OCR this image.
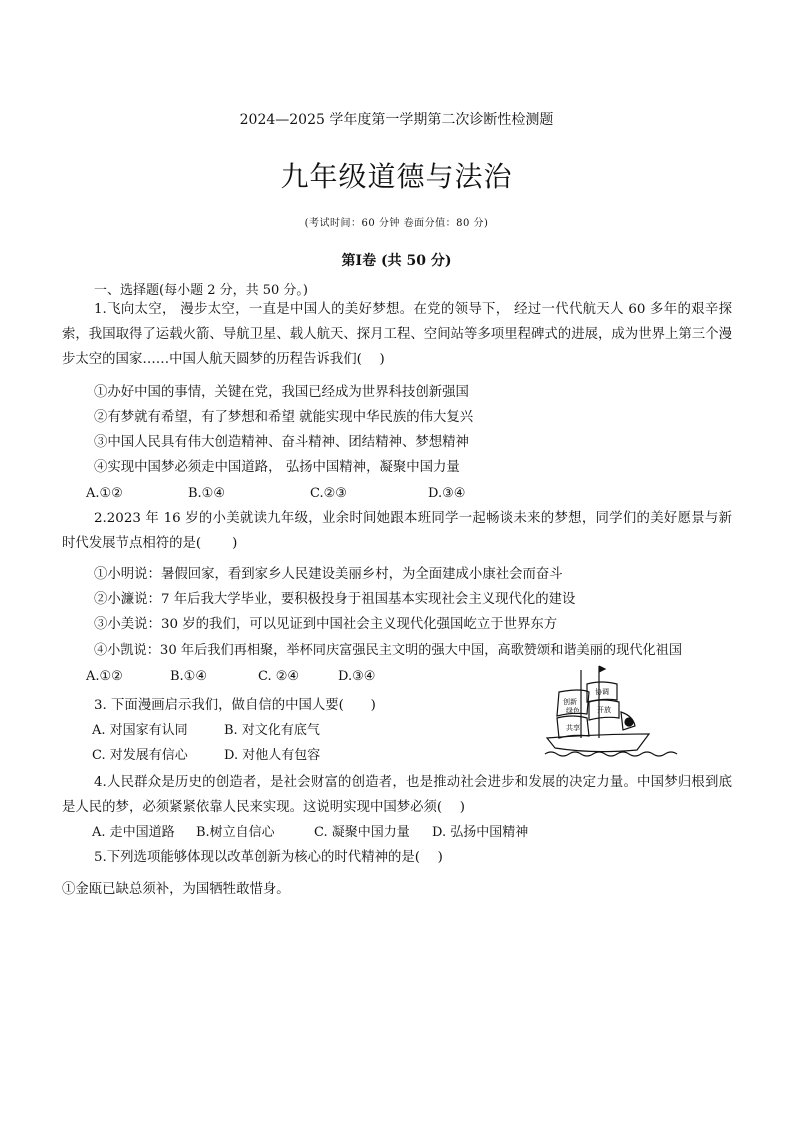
2024—2025 学年度第一学期第二次诊断性检测题
九年级道德与法治
(考试时间：60 分钟 卷面分值：80 分)
第Ⅰ卷 (共 50 分)
一、选择题(每小题 2 分，共 50 分。)
1.飞向太空， 漫步太空，一直是中国人的美好梦想。在党的领导下， 经过一代代航天人 60 多年的艰辛探索，我国取得了运载火箭、导航卫星、载人航天、探月工程、空间站等多项里程碑式的进展，成为世界上第三个漫步太空的国家……中国人航天圆梦的历程告诉我们(　 )
①办好中国的事情，关键在党，我国已经成为世界科技创新强国
②有梦就有希望，有了梦想和希望 就能实现中华民族的伟大复兴
③中国人民具有伟大创造精神、奋斗精神、团结精神、梦想精神
④实现中国梦必须走中国道路， 弘扬中国精神，凝聚中国力量
A.①②	B.①④	C.②③	D.③④
2.2023 年 16 岁的小美就读九年级，业余时间她跟本班同学一起畅谈未来的梦想，同学们的美好愿景与新时代发展节点相符的是(　　 )
①小明说：暑假回家，看到家乡人民建设美丽乡村，为全面建成小康社会而奋斗
②小濂说：7 年后我大学毕业，要积极投身于祖国基本实现社会主义现代化的建设
③小美说：30 岁的我们，可以见证到中国社会主义现代化强国屹立于世界东方
④小凯说：30 年后我们再相聚，举杯同庆富强民主文明的强大中国，高歌赞颂和谐美丽的现代化祖国
A.①②	B.①④	C. ②④	D.③④
3. 下面漫画启示我们，做自信的中国人要(　　)
A. 对国家有认同	B. 对文化有底气
C. 对发展有信心	D. 对他人有包容
创新
协调
绿色 开放
共享
4.人民群众是历史的创造者，是社会财富的创造者，也是推动社会进步和发展的决定力量。中国梦归根到底是人民的梦，必须紧紧依靠人民来实现。这说明实现中国梦必须(　 )
A. 走中国道路 B.树立自信心	C. 凝聚中国力量 D. 弘扬中国精神
5.下列选项能够体现以改革创新为核心的时代精神的是(　 )
①金瓯已缺总须补，为国牺牲敢惜身。
